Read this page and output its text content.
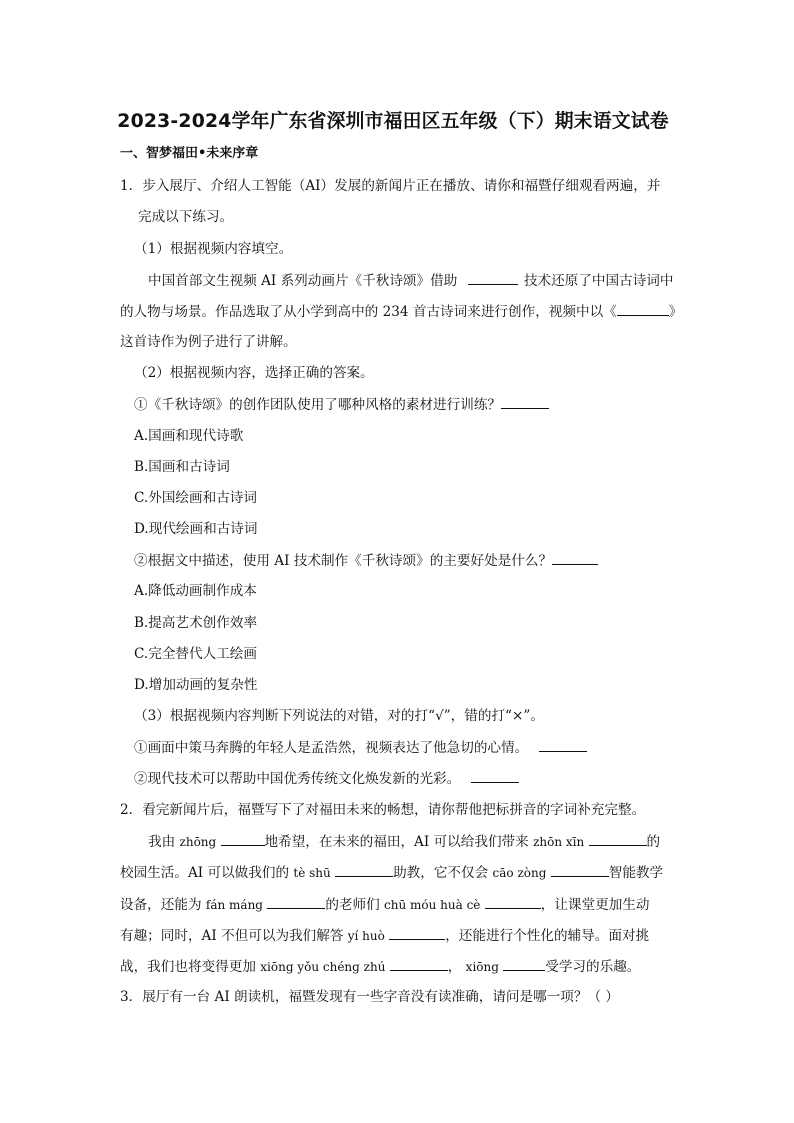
2023-2024学年广东省深圳市福田区五年级（下）期末语文试卷
一、智梦福田•未来序章
1．步入展厅、介绍人工智能（AI）发展的新闻片正在播放、请你和福暨仔细观看两遍，并
完成以下练习。
（1）根据视频内容填空。
中国首部文生视频 AI 系列动画片《千秋诗颂》借助	技术还原了中国古诗词中
的人物与场景。作品选取了从小学到高中的 234 首古诗词来进行创作，视频中以《	》
这首诗作为例子进行了讲解。
（2）根据视频内容，选择正确的答案。
①《千秋诗颂》的创作团队使用了哪种风格的素材进行训练？
A.国画和现代诗歌
B.国画和古诗词
C.外国绘画和古诗词
D.现代绘画和古诗词
②根据文中描述，使用 AI 技术制作《千秋诗颂》的主要好处是什么？
A.降低动画制作成本
B.提高艺术创作效率
C.完全替代人工绘画
D.增加动画的复杂性
（3）根据视频内容判断下列说法的对错，对的打“√”，错的打“×”。
①画面中策马奔腾的年轻人是孟浩然，视频表达了他急切的心情。
②现代技术可以帮助中国优秀传统文化焕发新的光彩。
2．看完新闻片后，福暨写下了对福田未来的畅想，请你帮他把标拼音的字词补充完整。
我由 zhōng	地希望，在未来的福田，AI 可以给我们带来 zhōn xīn	的
校园生活。AI 可以做我们的 tè shū	助教，它不仅会 cāo zòng	智能教学
设备，还能为 fán máng	的老师们 chū móu huà cè	，让课堂更加生动
有趣；同时，AI 不但可以为我们解答 yí huò	，还能进行个性化的辅导。面对挑
战，我们也将变得更加 xiōng yǒu chéng zhú	， xiōng	受学习的乐趣。
3．展厅有一台 AI 朗读机，福暨发现有一些字音没有读准确，请问是哪一项？（ ）
